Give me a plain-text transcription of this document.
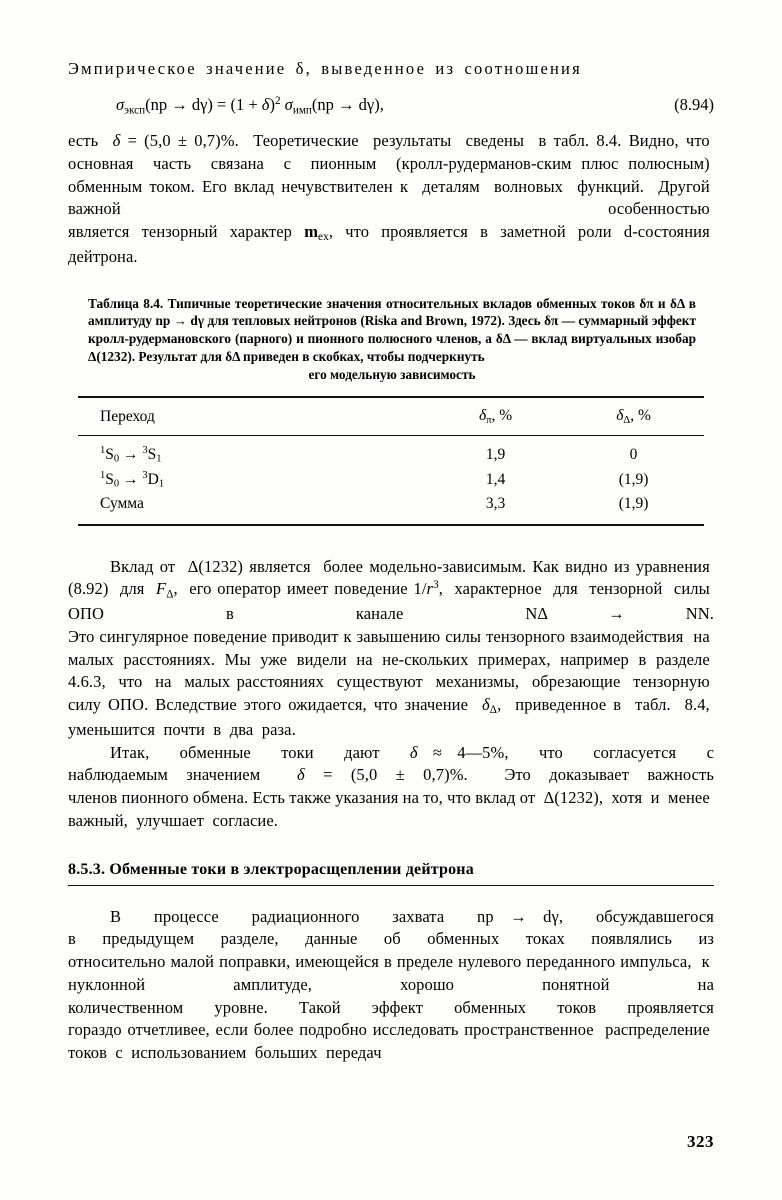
Эмпирическое значение δ, выведенное из соотношения
$\sigma_{эксп}(np \to d\gamma) = (1 + \delta)^2$ $\sigma_{имп}(np \to d\gamma)$,	(8.94)
есть  δ = (5,0 ± 0,7)%.  Теоретические  результаты  сведены  в табл. 8.4. Видно, что  основная  часть  связана  с  пионным  (кролл-рудерманов-ским плюс полюсным)  обменным током. Его вклад нечувствителен к  деталям  волновых  функций.  Другой  важной  особенностью  является тензорный характер $m_{ex}$, что проявляется в заметной роли d-состояния  дейтрона.
Таблица 8.4. Типичные теоретические значения относительных вкладов обменных токов δπ и δΔ в амплитуду np → dγ для тепловых нейтронов (Riska and Brown, 1972). Здесь δπ — суммарный эффект кролл-рудермановского (парного) и пионного полюсного членов, а δΔ — вклад виртуальных изобар Δ(1232). Результат для δΔ приведен в скобках, чтобы подчеркнуть
его модельную зависимость

Переход	$\delta_\pi$, %	$\delta_\Delta$, %

$^1S_0 \to ^3S_1$	1,9	0
$^1S_0 \to ^3D_1$	1,4	(1,9)
Сумма	3,3	(1,9)

Вклад от  Δ(1232) является  более модельно-зависимым. Как видно из уравнения  (8.92)  для  $F_\Delta$,  его оператор имеет поведение $1/r^3$,  характерное  для  тензорной  силы  ОПО  в  канале  NΔ → NN. Это сингулярное поведение приводит к завышению силы тензорного взаимодействия  на  малых  расстояниях.  Мы  уже  видели  на  не-скольких  примерах,  например  в  разделе  4.6.3,  что  на  малых расстояниях  существуют  механизмы,  обрезающие  тензорную  силу ОПО. Вследствие этого ожидается, что значение  $\delta_\Delta$,  приведенное в  табл.  8.4,  уменьшится  почти  в  два  раза.
Итак,  обменные  токи  дают  δ ≈ 4—5%,  что  согласуется  с наблюдаемым значением  δ = (5,0 ± 0,7)%.  Это доказывает важность членов пионного обмена. Есть также указания на то, что вклад от  Δ(1232),  хотя  и  менее  важный,  улучшает  согласие.
8.5.3. Обменные токи в электрорасщеплении дейтрона
В  процессе  радиационного  захвата  np → dγ,  обсуждавшегося в предыдущем разделе, данные об обменных токах появлялись из относительно малой поправки, имеющейся в пределе нулевого переданного импульса,  к  нуклонной  амплитуде,  хорошо  понятной  на количественном уровне. Такой эффект обменных токов проявляется гораздо отчетливее, если более подробно исследовать пространственное  распределение  токов  с  использованием  больших  передач
323
